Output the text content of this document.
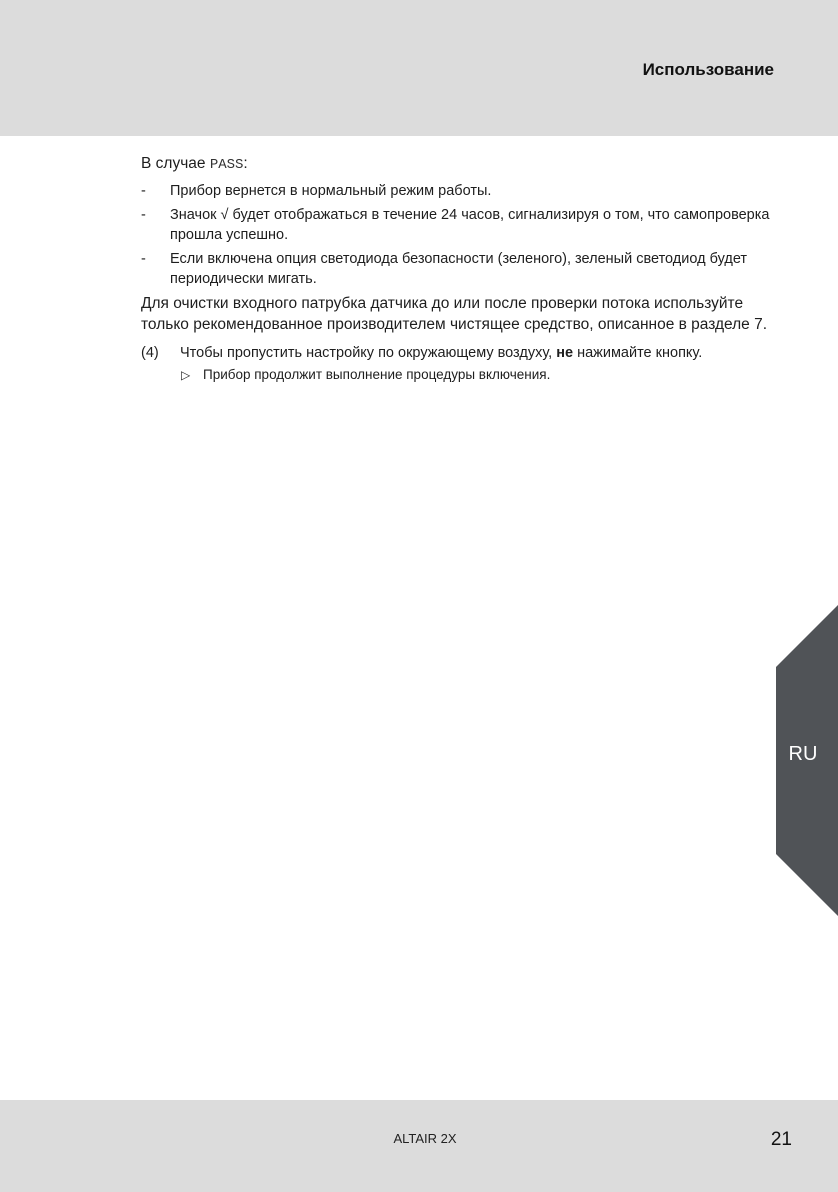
Использование

В случае PASS:

- Прибор вернется в нормальный режим работы.
- Значок √ будет отображаться в течение 24 часов, сигнализируя о том, что самопроверка прошла успешно.
- Если включена опция светодиода безопасности (зеленого), зеленый светодиод будет периодически мигать.

Для очистки входного патрубка датчика до или после проверки потока используйте только рекомендованное производителем чистящее средство, описанное в разделе 7.

(4) Чтобы пропустить настройку по окружающему воздуху, не нажимайте кнопку.
▷ Прибор продолжит выполнение процедуры включения.
RU
ALTAIR 2X	21
